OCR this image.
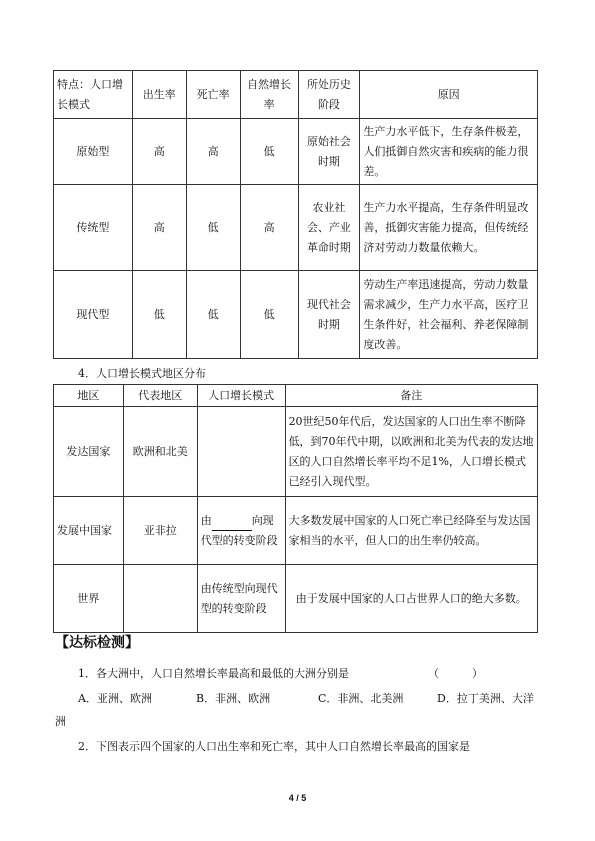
特点：人口增长模式	出生率	死亡率	自然增长率	所处历史阶段	原因
原始型	高	高	低	原始社会时期	生产力水平低下，生存条件极差，人们抵御自然灾害和疾病的能力很差。
传统型	高	低	高	农业社会、产业革命时期	生产力水平提高，生存条件明显改善，抵御灾害能力提高，但传统经济对劳动力数量依赖大。
现代型	低	低	低	现代社会时期	劳动生产率迅速提高，劳动力数量需求减少，生产力水平高，医疗卫生条件好，社会福利、养老保障制度改善。
4．人口增长模式地区分布
地区	代表地区	人口增长模式	备注
发达国家	欧洲和北美		20世纪50年代后，发达国家的人口出生率不断降低，到70年代中期，以欧洲和北美为代表的发达地区的人口自然增长率平均不足1%，人口增长模式已经引入现代型。
发展中国家	亚非拉	由 向现代型的转变阶段	大多数发展中国家的人口死亡率已经降至与发达国家相当的水平，但人口的出生率仍较高。
世界		由传统型向现代型的转变阶段	由于发展中国家的人口占世界人口的绝大多数。
【达标检测】
1．各大洲中，人口自然增长率最高和最低的大洲分别是	（　　　）
A．亚洲、欧洲	B．非洲、欧洲	C．非洲、北美洲	D．拉丁美洲、大洋
洲
2．下图表示四个国家的人口出生率和死亡率，其中人口自然增长率最高的国家是
4 / 5
